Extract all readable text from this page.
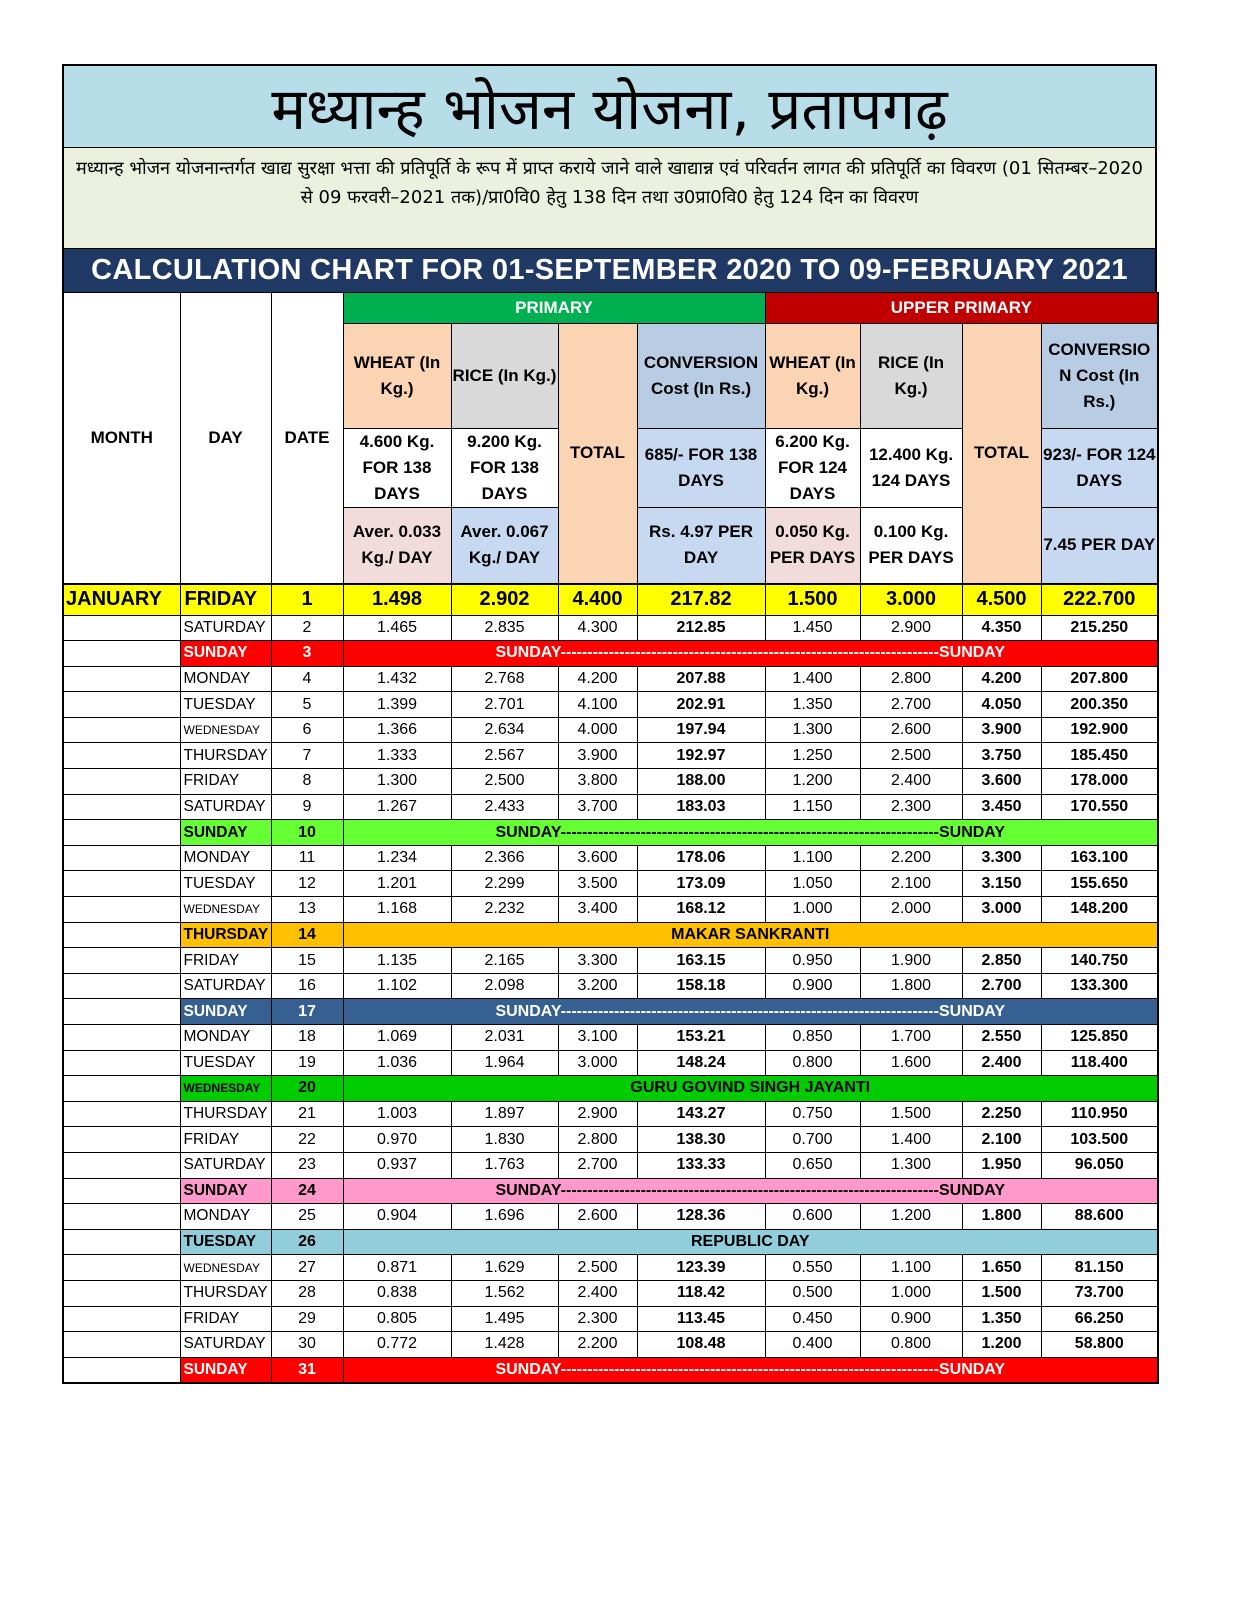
मध्यान्ह भोजन योजना, प्रतापगढ़
मध्यान्ह भोजन योजनान्तर्गत खाद्य सुरक्षा भत्ता की प्रतिपूर्ति के रूप में प्राप्त कराये जाने वाले खाद्यान्न एवं परिवर्तन लागत की प्रतिपूर्ति का विवरण (01 सितम्बर–2020 से 09 फरवरी–2021 तक)/प्रा0वि0 हेतु 138 दिन तथा उ0प्रा0वि0 हेतु 124 दिन का विवरण
CALCULATION CHART FOR 01-SEPTEMBER 2020 TO 09-FEBRUARY 2021
MONTH	DAY	DATE	PRIMARY				UPPER PRIMARY			
			WHEAT (In Kg.)	RICE (In Kg.)	TOTAL	CONVERSION Cost (In Rs.)	WHEAT (In Kg.)	RICE (In Kg.)	TOTAL	CONVERSIO N Cost (In Rs.)
			4.600 Kg. FOR 138 DAYS	9.200 Kg. FOR 138 DAYS		685/- FOR 138 DAYS	6.200 Kg. FOR 124 DAYS	12.400 Kg. 124 DAYS		923/- FOR 124 DAYS
			Aver. 0.033 Kg./ DAY	Aver. 0.067 Kg./ DAY		Rs. 4.97 PER DAY	0.050 Kg. PER DAYS	0.100 Kg. PER DAYS		7.45 PER DAY
JANUARY	FRIDAY	1	1.498	2.902	4.400	217.82	1.500	3.000	4.500	222.700
	SATURDAY	2	1.465	2.835	4.300	212.85	1.450	2.900	4.350	215.250
	SUNDAY	3	SUNDAY-----------------------------------------------------------------------SUNDAY							
	MONDAY	4	1.432	2.768	4.200	207.88	1.400	2.800	4.200	207.800
	TUESDAY	5	1.399	2.701	4.100	202.91	1.350	2.700	4.050	200.350
	WEDNESDAY	6	1.366	2.634	4.000	197.94	1.300	2.600	3.900	192.900
	THURSDAY	7	1.333	2.567	3.900	192.97	1.250	2.500	3.750	185.450
	FRIDAY	8	1.300	2.500	3.800	188.00	1.200	2.400	3.600	178.000
	SATURDAY	9	1.267	2.433	3.700	183.03	1.150	2.300	3.450	170.550
	SUNDAY	10	SUNDAY-----------------------------------------------------------------------SUNDAY							
	MONDAY	11	1.234	2.366	3.600	178.06	1.100	2.200	3.300	163.100
	TUESDAY	12	1.201	2.299	3.500	173.09	1.050	2.100	3.150	155.650
	WEDNESDAY	13	1.168	2.232	3.400	168.12	1.000	2.000	3.000	148.200
	THURSDAY	14	MAKAR SANKRANTI							
	FRIDAY	15	1.135	2.165	3.300	163.15	0.950	1.900	2.850	140.750
	SATURDAY	16	1.102	2.098	3.200	158.18	0.900	1.800	2.700	133.300
	SUNDAY	17	SUNDAY-----------------------------------------------------------------------SUNDAY							
	MONDAY	18	1.069	2.031	3.100	153.21	0.850	1.700	2.550	125.850
	TUESDAY	19	1.036	1.964	3.000	148.24	0.800	1.600	2.400	118.400
	WEDNESDAY	20	GURU GOVIND SINGH JAYANTI							
	THURSDAY	21	1.003	1.897	2.900	143.27	0.750	1.500	2.250	110.950
	FRIDAY	22	0.970	1.830	2.800	138.30	0.700	1.400	2.100	103.500
	SATURDAY	23	0.937	1.763	2.700	133.33	0.650	1.300	1.950	96.050
	SUNDAY	24	SUNDAY-----------------------------------------------------------------------SUNDAY							
	MONDAY	25	0.904	1.696	2.600	128.36	0.600	1.200	1.800	88.600
	TUESDAY	26	REPUBLIC DAY							
	WEDNESDAY	27	0.871	1.629	2.500	123.39	0.550	1.100	1.650	81.150
	THURSDAY	28	0.838	1.562	2.400	118.42	0.500	1.000	1.500	73.700
	FRIDAY	29	0.805	1.495	2.300	113.45	0.450	0.900	1.350	66.250
	SATURDAY	30	0.772	1.428	2.200	108.48	0.400	0.800	1.200	58.800
	SUNDAY	31	SUNDAY-----------------------------------------------------------------------SUNDAY							
